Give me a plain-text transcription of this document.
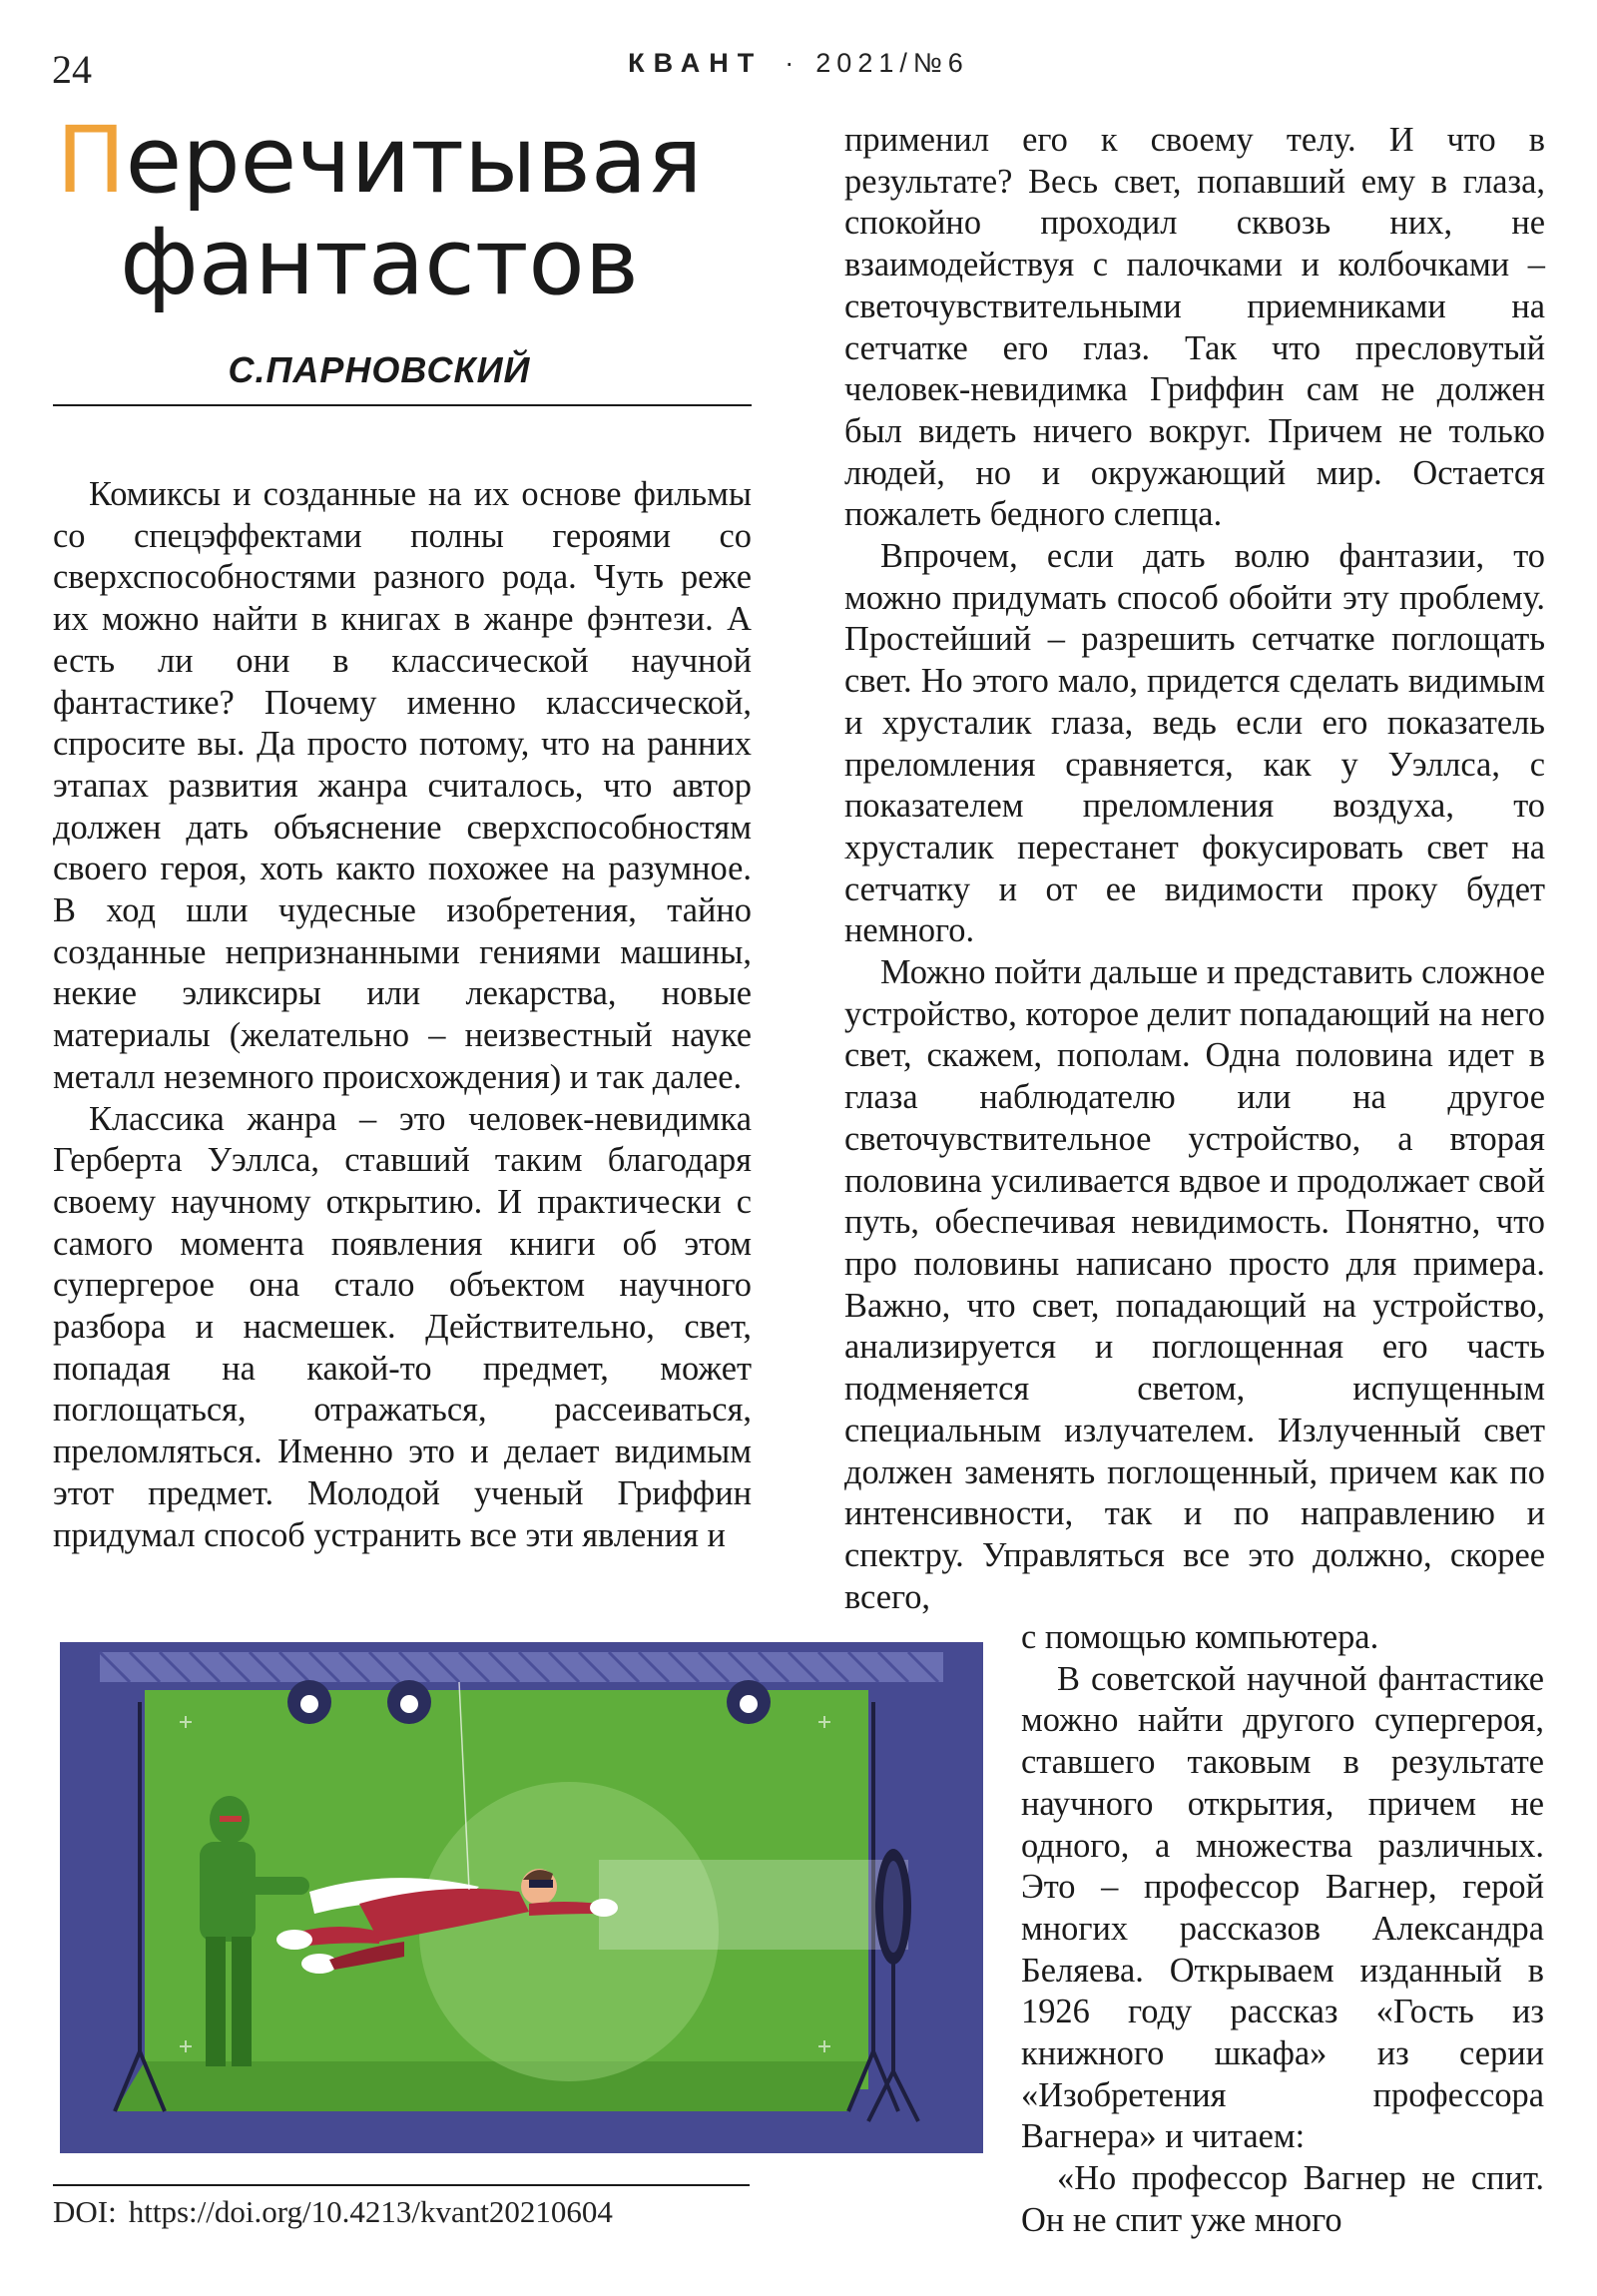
24	КВАНТ · 2021/№6
Перечитывая
фантастов
С.ПАРНОВСКИЙ

Комиксы и созданные на их основе фильмы со спецэффектами полны героями со сверхспособностями разного рода. Чуть реже их можно найти в книгах в жанре фэнтези. А есть ли они в классической научной фантастике? Почему именно классической, спросите вы. Да просто потому, что на ранних этапах развития жанра считалось, что автор должен дать объяснение сверхспособностям своего героя, хоть както похожее на разумное. В ход шли чудесные изобретения, тайно созданные непризнанными гениями машины, некие эликсиры или лекарства, новые материалы (желательно – неизвестный науке металл неземного происхождения) и так далее.

Классика жанра – это человек-невидимка Герберта Уэллса, ставший таким благодаря своему научному открытию. И практически с самого момента появления книги об этом супергерое она стало объектом научного разбора и насмешек. Действительно, свет, попадая на какой-то предмет, может поглощаться, отражаться, рассеиваться, преломляться. Именно это и делает видимым этот предмет. Молодой ученый Гриффин придумал способ устранить все эти явления и

применил его к своему телу. И что в результате? Весь свет, попавший ему в глаза, спокойно проходил сквозь них, не взаимодействуя с палочками и колбочками – светочувствительными приемниками на сетчатке его глаз. Так что пресловутый человек-невидимка Гриффин сам не должен был видеть ничего вокруг. Причем не только людей, но и окружающий мир. Остается пожалеть бедного слепца.

Впрочем, если дать волю фантазии, то можно придумать способ обойти эту проблему. Простейший – разрешить сетчатке поглощать свет. Но этого мало, придется сделать видимым и хрусталик глаза, ведь если его показатель преломления сравняется, как у Уэллса, с показателем преломления воздуха, то хрусталик перестанет фокусировать свет на сетчатку и от ее видимости проку будет немного.

Можно пойти дальше и представить сложное устройство, которое делит попадающий на него свет, скажем, пополам. Одна половина идет в глаза наблюдателю или на другое светочувствительное устройство, а вторая половина усиливается вдвое и продолжает свой путь, обеспечивая невидимость. Понятно, что про половины написано просто для примера. Важно, что свет, попадающий на устройство, анализируется и поглощенная его часть подменяется светом, испущенным специальным излучателем. Излученный свет должен заменять поглощенный, причем как по интенсивности, так и по направлению и спектру. Управляться все это должно, скорее всего,

с помощью компьютера.

В советской научной фантастике можно найти другого супергероя, ставшего таковым в результате научного открытия, причем не одного, а множества различных. Это – профессор Вагнер, герой многих рассказов Александра Беляева. Открываем изданный в 1926 году рассказ «Гость из книжного шкафа» из серии «Изобретения профессора Вагнера» и читаем:

«Но профессор Вагнер не спит. Он не спит уже много

DOI: https://doi.org/10.4213/kvant20210604
